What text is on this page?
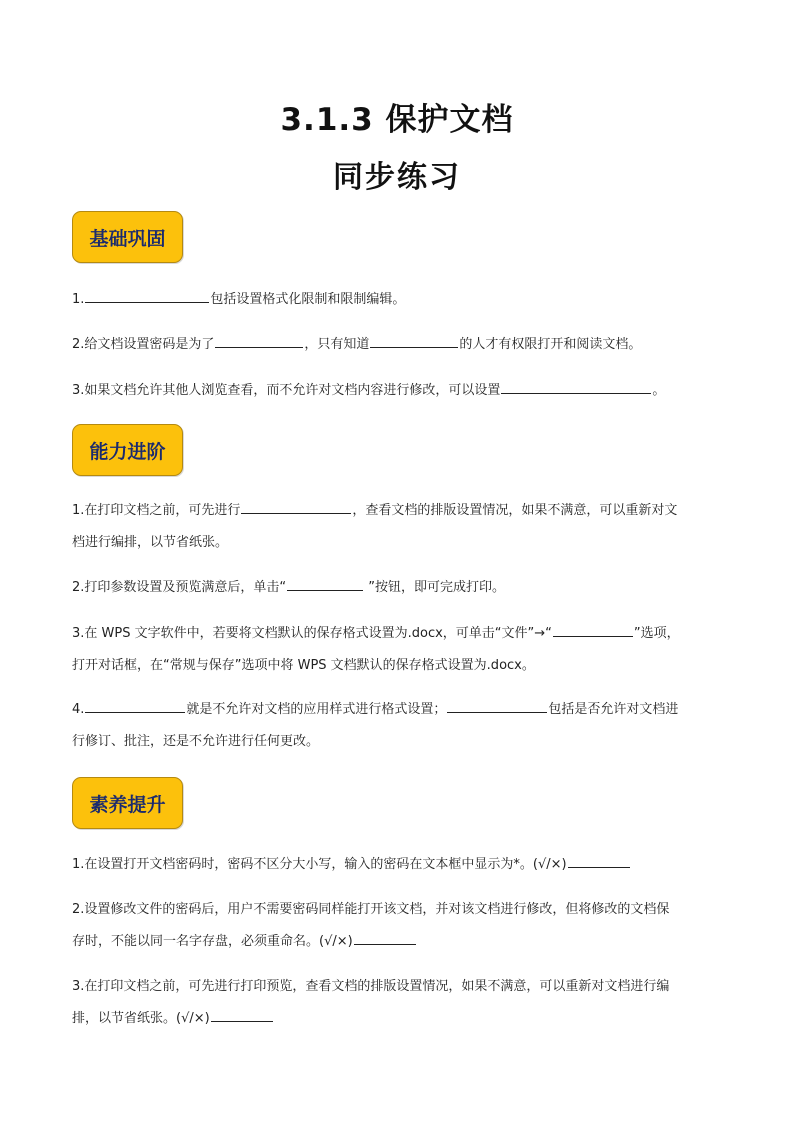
3.1.3 保护文档
同步练习
基础巩固
1.	包括设置格式化限制和限制编辑。
2.给文档设置密码是为了	，只有知道	的人才有权限打开和阅读文档。
3.如果文档允许其他人浏览查看，而不允许对文档内容进行修改，可以设置	。
能力进阶
1.在打印文档之前，可先进行	，查看文档的排版设置情况，如果不满意，可以重新对文
档进行编排，以节省纸张。
2.打印参数设置及预览满意后，单击“	”按钮，即可完成打印。
3.在 WPS 文字软件中，若要将文档默认的保存格式设置为.docx，可单击“文件”→“	”选项，
打开对话框，在“常规与保存”选项中将 WPS 文档默认的保存格式设置为.docx。
4.	就是不允许对文档的应用样式进行格式设置；	包括是否允许对文档进
行修订、批注，还是不允许进行任何更改。
素养提升
1.在设置打开文档密码时，密码不区分大小写，输入的密码在文本框中显示为*。(√/×)
2.设置修改文件的密码后，用户不需要密码同样能打开该文档，并对该文档进行修改，但将修改的文档保
存时，不能以同一名字存盘，必须重命名。(√/×)
3.在打印文档之前，可先进行打印预览，查看文档的排版设置情况，如果不满意，可以重新对文档进行编
排，以节省纸张。(√/×)
